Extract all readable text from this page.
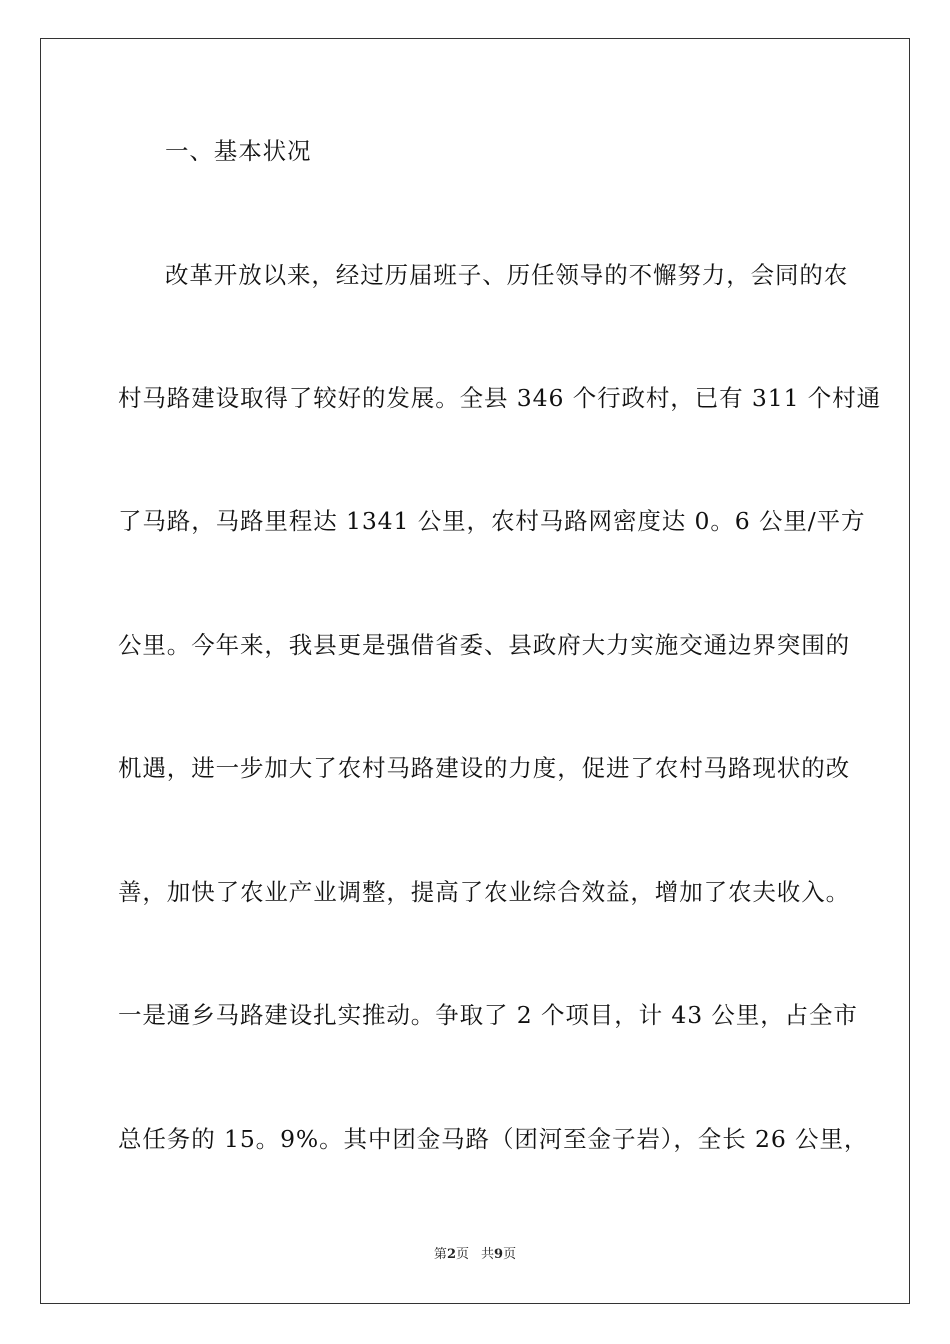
一、基本状况
改革开放以来，经过历届班子、历任领导的不懈努力，会同的农
村马路建设取得了较好的发展。全县 346 个行政村，已有 311 个村通
了马路，马路里程达 1341 公里，农村马路网密度达 0。6 公里/平方
公里。今年来，我县更是强借省委、县政府大力实施交通边界突围的
机遇，进一步加大了农村马路建设的力度，促进了农村马路现状的改
善，加快了农业产业调整，提高了农业综合效益，增加了农夫收入。
一是通乡马路建设扎实推动。争取了 2 个项目，计 43 公里，占全市
总任务的 15。9%。其中团金马路（团河至金子岩），全长 26 公里，
第2页 共9页
